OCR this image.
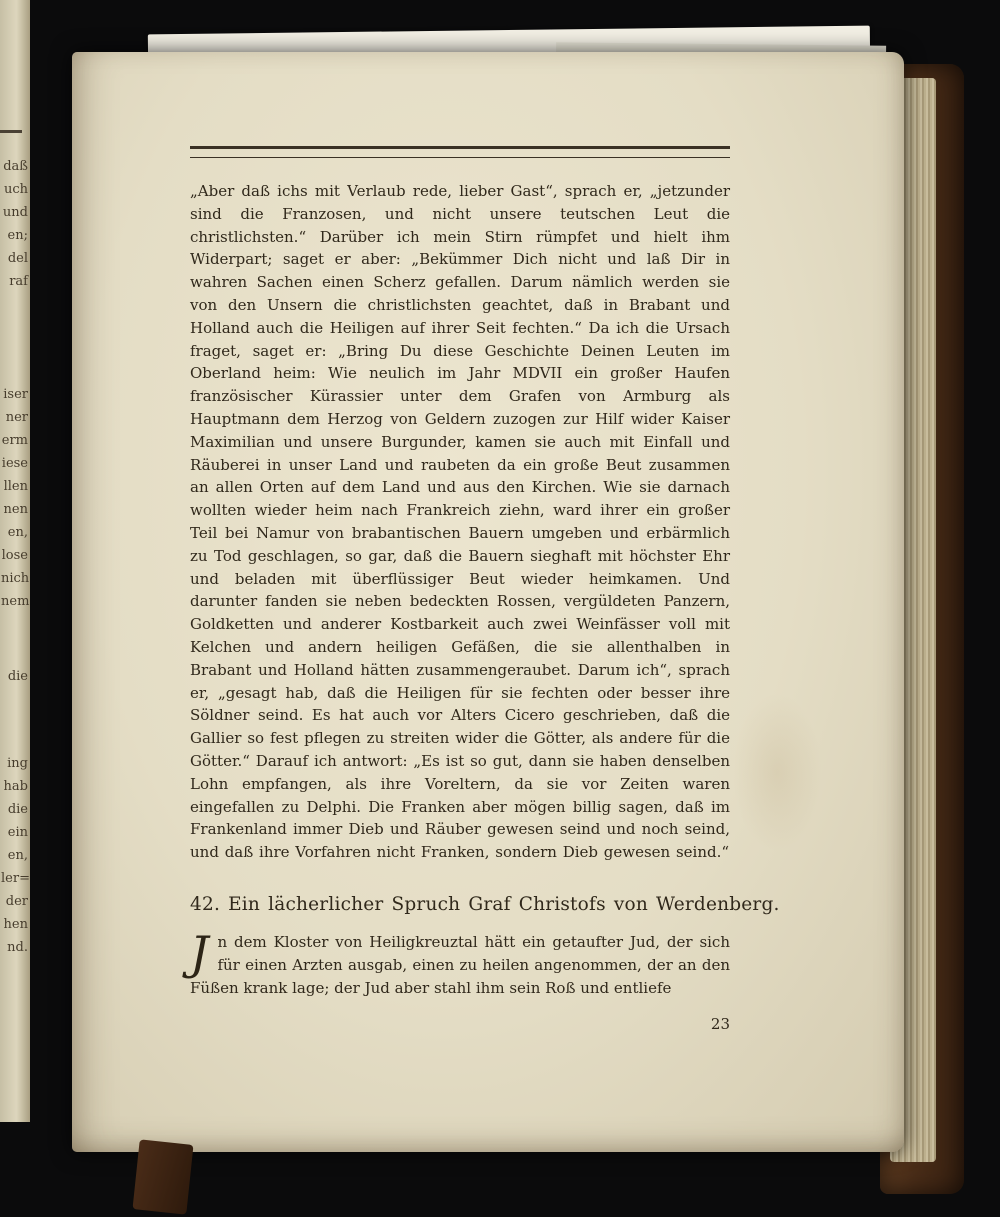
daß
uch
und
en;
del
raf
iser
ner
erm
iese
llen
nen
en,
lose
nich
nem
die
ing
hab
die
ein
en,
ler=
der
hen
nd.

„Aber daß ichs mit Verlaub rede, lieber Gast“, sprach er, „jetzunder sind die Franzosen, und nicht unsere teutschen Leut die christlichsten.“ Darüber ich mein Stirn rümpfet und hielt ihm Widerpart; saget er aber: „Bekümmer Dich nicht und laß Dir in wahren Sachen einen Scherz gefallen. Darum nämlich werden sie von den Unsern die christlichsten geachtet, daß in Brabant und Holland auch die Heiligen auf ihrer Seit fechten.“ Da ich die Ursach fraget, saget er: „Bring Du diese Geschichte Deinen Leuten im Oberland heim: Wie neulich im Jahr MDVII ein großer Haufen französischer Kürassier unter dem Grafen von Armburg als Hauptmann dem Herzog von Geldern zuzogen zur Hilf wider Kaiser Maximilian und unsere Burgunder, kamen sie auch mit Einfall und Räuberei in unser Land und raubeten da ein große Beut zusammen an allen Orten auf dem Land und aus den Kirchen. Wie sie darnach wollten wieder heim nach Frankreich ziehn, ward ihrer ein großer Teil bei Namur von brabantischen Bauern umgeben und erbärmlich zu Tod geschlagen, so gar, daß die Bauern sieghaft mit höchster Ehr und beladen mit überflüssiger Beut wieder heimkamen. Und darunter fanden sie neben bedeckten Rossen, vergüldeten Panzern, Goldketten und anderer Kostbarkeit auch zwei Weinfässer voll mit Kelchen und andern heiligen Gefäßen, die sie allenthalben in Brabant und Holland hätten zusammengeraubet. Darum ich“, sprach er, „gesagt hab, daß die Heiligen für sie fechten oder besser ihre Söldner seind. Es hat auch vor Alters Cicero geschrieben, daß die Gallier so fest pflegen zu streiten wider die Götter, als andere für die Götter.“ Darauf ich antwort: „Es ist so gut, dann sie haben denselben Lohn empfangen, als ihre Voreltern, da sie vor Zeiten waren eingefallen zu Delphi. Die Franken aber mögen billig sagen, daß im Frankenland immer Dieb und Räuber gewesen seind und noch seind, und daß ihre Vorfahren nicht Franken, sondern Dieb gewesen seind.“

42. Ein lächerlicher Spruch Graf Christofs von Werdenberg.

Jn dem Kloster von Heiligkreuztal hätt ein getaufter Jud, der sich für einen Arzten ausgab, einen zu heilen angenommen, der an den Füßen krank lage; der Jud aber stahl ihm sein Roß und entliefe

23
